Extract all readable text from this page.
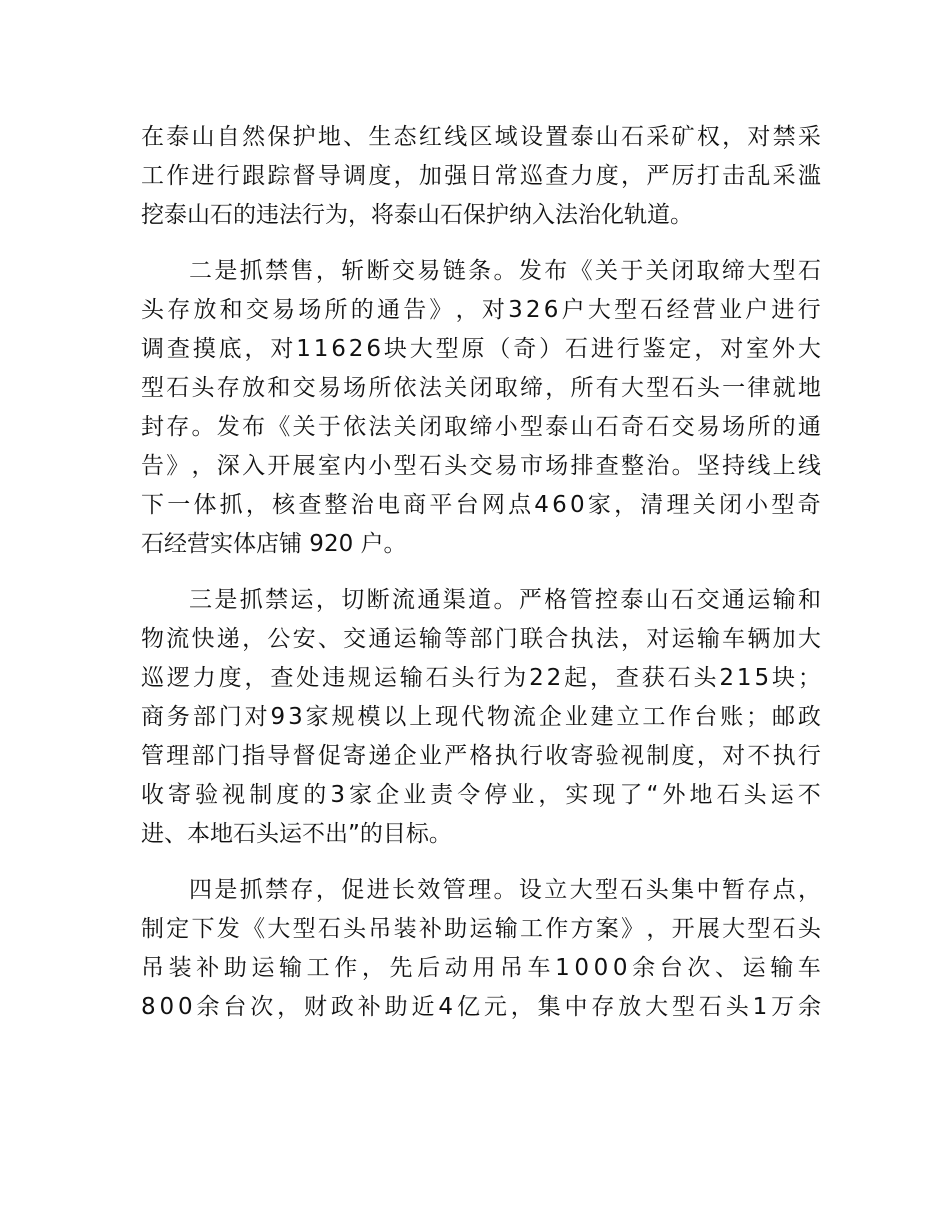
在 泰 山 自 然 保 护 地 、 生 态 红 线 区 域 设 置 泰 山 石 采 矿 权 ， 对 禁 采
工 作 进 行 跟 踪 督 导 调 度 ， 加 强 日 常 巡 查 力 度 ， 严 厉 打 击 乱 采 滥
挖泰山石的违法行为，将泰山石保护纳入法治化轨道。
二 是 抓 禁 售 ， 斩 断 交 易 链 条 。 发 布 《 关 于 关 闭 取 缔 大 型 石
头 存 放 和 交 易 场 所 的 通 告 》 ， 对 3 2 6 户 大 型 石 经 营 业 户 进 行
调 查 摸 底 ， 对 1 1 6 2 6 块 大 型 原 （ 奇 ） 石 进 行 鉴 定 ， 对 室 外 大
型 石 头 存 放 和 交 易 场 所 依 法 关 闭 取 缔 ， 所 有 大 型 石 头 一 律 就 地
封 存 。 发 布 《 关 于 依 法 关 闭 取 缔 小 型 泰 山 石 奇 石 交 易 场 所 的 通
告 》 ， 深 入 开 展 室 内 小 型 石 头 交 易 市 场 排 查 整 治 。 坚 持 线 上 线
下 一 体 抓 ， 核 查 整 治 电 商 平 台 网 点 4 6 0 家 ， 清 理 关 闭 小 型 奇
石经营实体店铺 920 户。
三 是 抓 禁 运 ， 切 断 流 通 渠 道 。 严 格 管 控 泰 山 石 交 通 运 输 和
物 流 快 递 ， 公 安 、 交 通 运 输 等 部 门 联 合 执 法 ， 对 运 输 车 辆 加 大
巡 逻 力 度 ， 查 处 违 规 运 输 石 头 行 为 2 2 起 ， 查 获 石 头 2 1 5 块 ；
商 务 部 门 对 9 3 家 规 模 以 上 现 代 物 流 企 业 建 立 工 作 台 账 ； 邮 政
管 理 部 门 指 导 督 促 寄 递 企 业 严 格 执 行 收 寄 验 视 制 度 ， 对 不 执 行
收 寄 验 视 制 度 的 3 家 企 业 责 令 停 业 ， 实 现 了 “ 外 地 石 头 运 不
进、本地石头运不出”的目标。
四 是 抓 禁 存 ， 促 进 长 效 管 理 。 设 立 大 型 石 头 集 中 暂 存 点 ，
制 定 下 发 《 大 型 石 头 吊 装 补 助 运 输 工 作 方 案 》 ， 开 展 大 型 石 头
吊 装 补 助 运 输 工 作 ， 先 后 动 用 吊 车 1 0 0 0 余 台 次 、 运 输 车
8 0 0 余 台 次 ， 财 政 补 助 近 4 亿 元 ， 集 中 存 放 大 型 石 头 1 万 余
